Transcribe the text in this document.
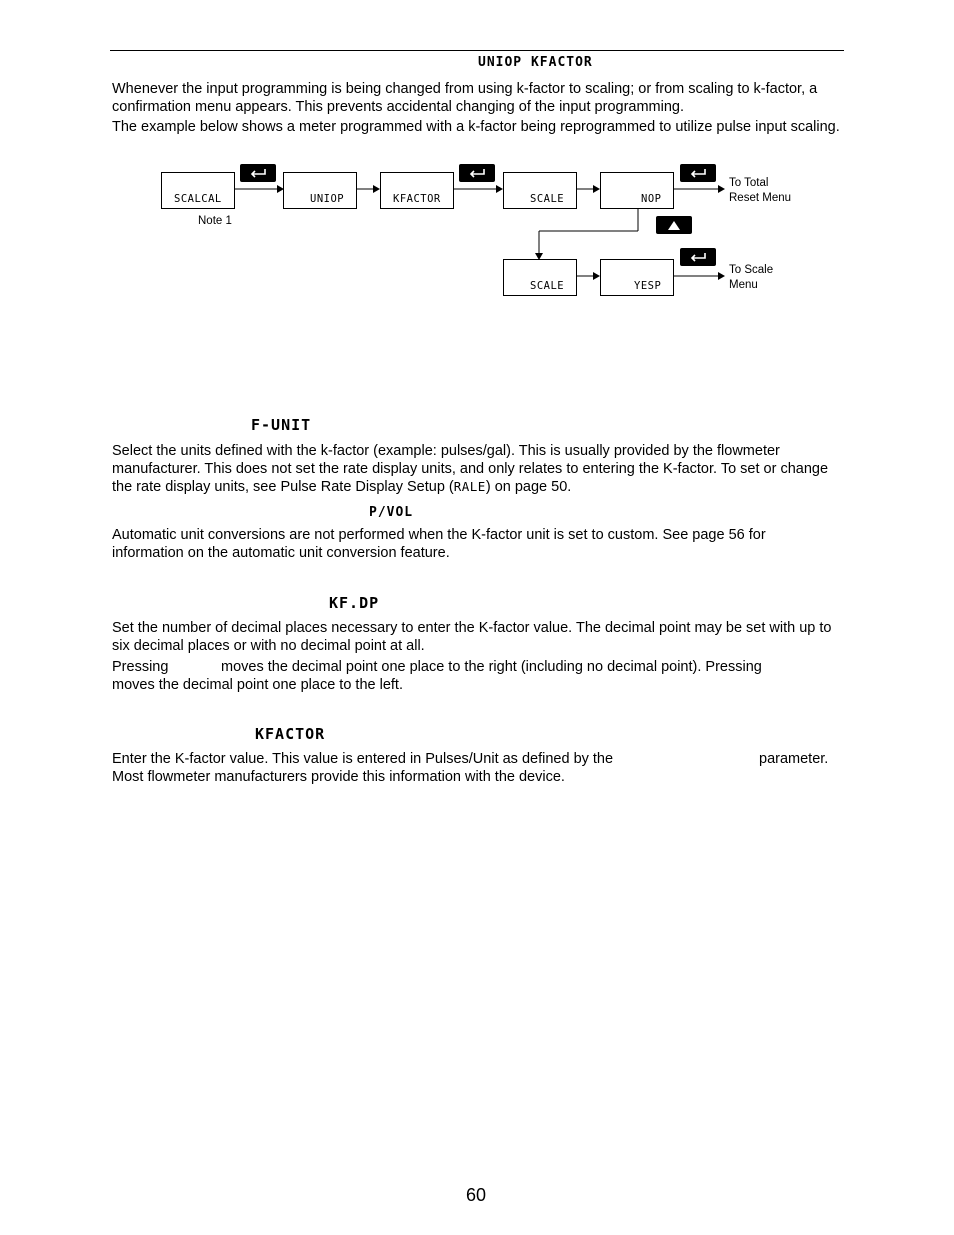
UNIOP KFACTOR
Whenever the input programming is being changed from using k-factor to scaling; or from scaling to k-factor, a confirmation menu appears. This prevents accidental changing of the input programming.
The example below shows a meter programmed with a k-factor being reprogrammed to utilize pulse input scaling.
SCALCAL	UNIOP	KFACTOR	SCALE	NOP
To Total
Reset Menu
Note 1
SCALE	YESP
To Scale
Menu
F-UNIT
Select the units defined with the k-factor (example: pulses/gal). This is usually provided by the flowmeter manufacturer. This does not set the rate display units, and only relates to entering the K-factor. To set or change the rate display units, see Pulse Rate Display Setup (RALE) on page 50.
P/VOL
Automatic unit conversions are not performed when the K-factor unit is set to custom. See page 56 for information on the automatic unit conversion feature.
KF.DP
Set the number of decimal places necessary to enter the K-factor value. The decimal point may be set with up to six decimal places or with no decimal point at all.
Pressing	moves the decimal point one place to the right (including no decimal point). Pressing
moves the decimal point one place to the left.
KFACTOR
Enter the K-factor value. This value is entered in Pulses/Unit as defined by the	parameter.
Most flowmeter manufacturers provide this information with the device.
60
